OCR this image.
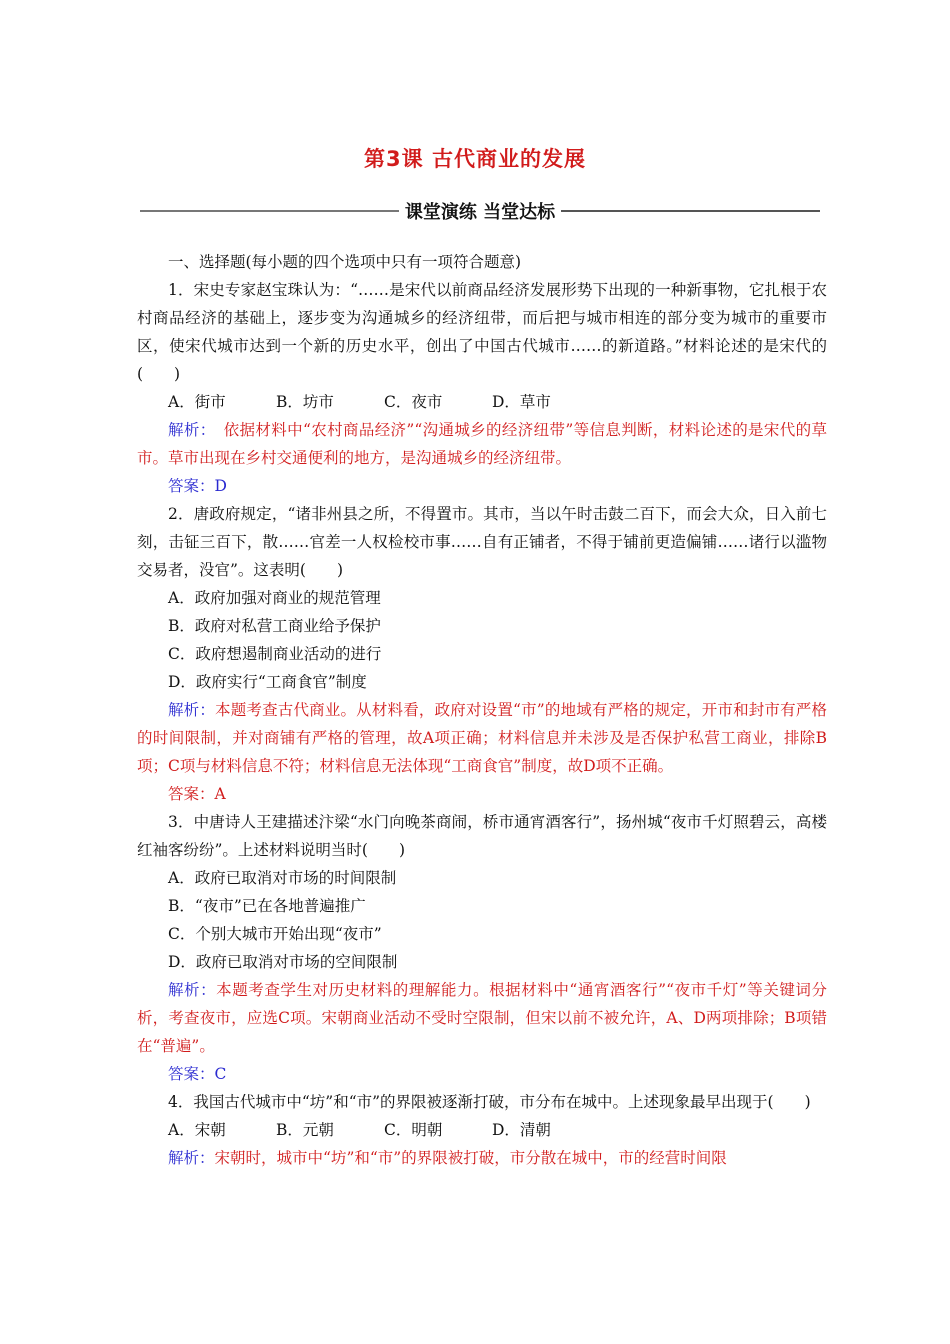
第3课 古代商业的发展
课堂演练 当堂达标

一、选择题(每小题的四个选项中只有一项符合题意)

1．宋史专家赵宝珠认为：“……是宋代以前商品经济发展形势下出现的一种新事物，它扎根于农村商品经济的基础上，逐步变为沟通城乡的经济纽带，而后把与城市相连的部分变为城市的重要市区，使宋代城市达到一个新的历史水平，创出了中国古代城市……的新道路。”材料论述的是宋代的(　　)

A．街市	B．坊市	C．夜市	D．草市

解析：　依据材料中“农村商品经济”“沟通城乡的经济纽带”等信息判断，材料论述的是宋代的草市。草市出现在乡村交通便利的地方，是沟通城乡的经济纽带。

答案：D

2．唐政府规定，“诸非州县之所，不得置市。其市，当以午时击鼓二百下，而会大众，日入前七刻，击钲三百下，散……官差一人权检校市事……自有正铺者，不得于铺前更造偏铺……诸行以滥物交易者，没官”。这表明(　　)

A．政府加强对商业的规范管理

B．政府对私营工商业给予保护

C．政府想遏制商业活动的进行

D．政府实行“工商食官”制度

解析：本题考查古代商业。从材料看，政府对设置“市”的地域有严格的规定，开市和封市有严格的时间限制，并对商铺有严格的管理，故A项正确；材料信息并未涉及是否保护私营工商业，排除B项；C项与材料信息不符；材料信息无法体现“工商食官”制度，故D项不正确。

答案：A

3．中唐诗人王建描述汴梁“水门向晚茶商闹，桥市通宵酒客行”，扬州城“夜市千灯照碧云，高楼红袖客纷纷”。上述材料说明当时(　　)

A．政府已取消对市场的时间限制

B．“夜市”已在各地普遍推广

C．个别大城市开始出现“夜市”

D．政府已取消对市场的空间限制

解析：本题考查学生对历史材料的理解能力。根据材料中“通宵酒客行”“夜市千灯”等关键词分析，考查夜市，应选C项。宋朝商业活动不受时空限制，但宋以前不被允许，A、D两项排除；B项错在“普遍”。

答案：C

4．我国古代城市中“坊”和“市”的界限被逐渐打破，市分布在城中。上述现象最早出现于(　　)

A．宋朝	B．元朝	C．明朝	D．清朝

解析：宋朝时，城市中“坊”和“市”的界限被打破，市分散在城中，市的经营时间限
